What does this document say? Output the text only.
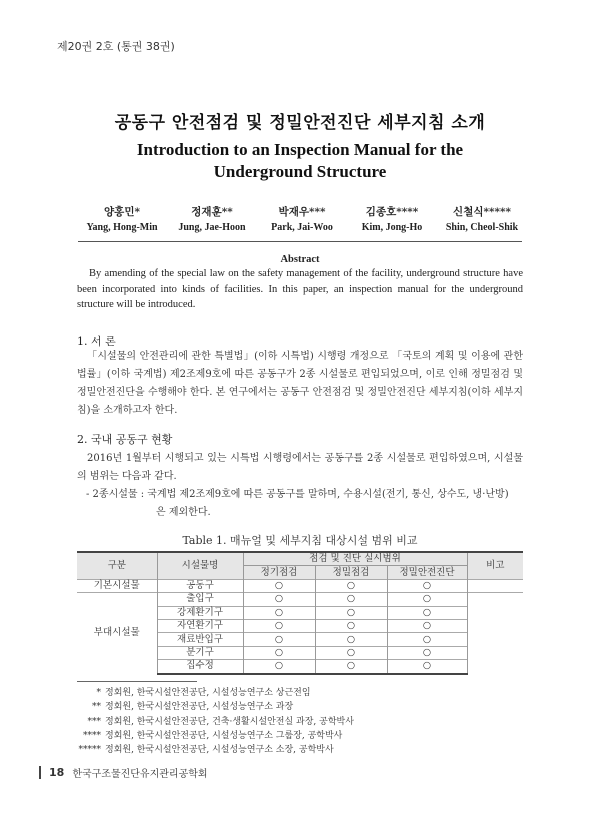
제20권 2호 (통권 38권)
공동구 안전점검 및 정밀안전진단 세부지침 소개
Introduction to an Inspection Manual for the
Underground Structure
양홍민*	정재훈**	박재우***	김종호****	신철식*****
Yang, Hong-Min	Jung, Jae-Hoon	Park, Jai-Woo	Kim, Jong-Ho	Shin, Cheol-Shik
Abstract
By amending of the special law on the safety management of the facility, underground structure have been incorporated into kinds of facilities. In this paper, an inspection manual for the underground structure will be introduced.
1. 서 론
「시설물의 안전관리에 관한 특별법」(이하 시특법) 시행령 개정으로 「국토의 계획 및 이용에 관한 법률」(이하 국계법) 제2조제9호에 따른 공동구가 2종 시설물로 편입되었으며, 이로 인해 정밀점검 및 정밀안전진단을 수행해야 한다. 본 연구에서는 공동구 안전점검 및 정밀안전진단 세부지침(이하 세부지침)을 소개하고자 한다.
2. 국내 공동구 현황
2016년 1월부터 시행되고 있는 시특법 시행령에서는 공동구를 2종 시설물로 편입하였으며, 시설물의 범위는 다음과 같다.
- 2종시설물 : 국계법 제2조제9호에 따른 공동구를 말하며, 수용시설(전기, 통신, 상수도, 냉·난방)
은 제외한다.
Table 1. 매뉴얼 및 세부지침 대상시설 범위 비교
구분	시설물명	점검 및 진단 실시범위			비고
		정기점검	정밀점검	정밀안전진단	
기본시설물	공동구	○	○	○	
부대시설물	출입구	○	○	○	
	강제환기구	○	○	○	
	자연환기구	○	○	○	
	재료반입구	○	○	○	
	분기구	○	○	○	
	집수정	○	○	○	
* 정회원, 한국시설안전공단, 시설성능연구소 상근전임
** 정회원, 한국시설안전공단, 시설성능연구소 과장
*** 정회원, 한국시설안전공단, 건축·생활시설안전실 과장, 공학박사
**** 정회원, 한국시설안전공단, 시설성능연구소 그룹장, 공학박사
***** 정회원, 한국시설안전공단, 시설성능연구소 소장, 공학박사
18 한국구조물진단유지관리공학회
